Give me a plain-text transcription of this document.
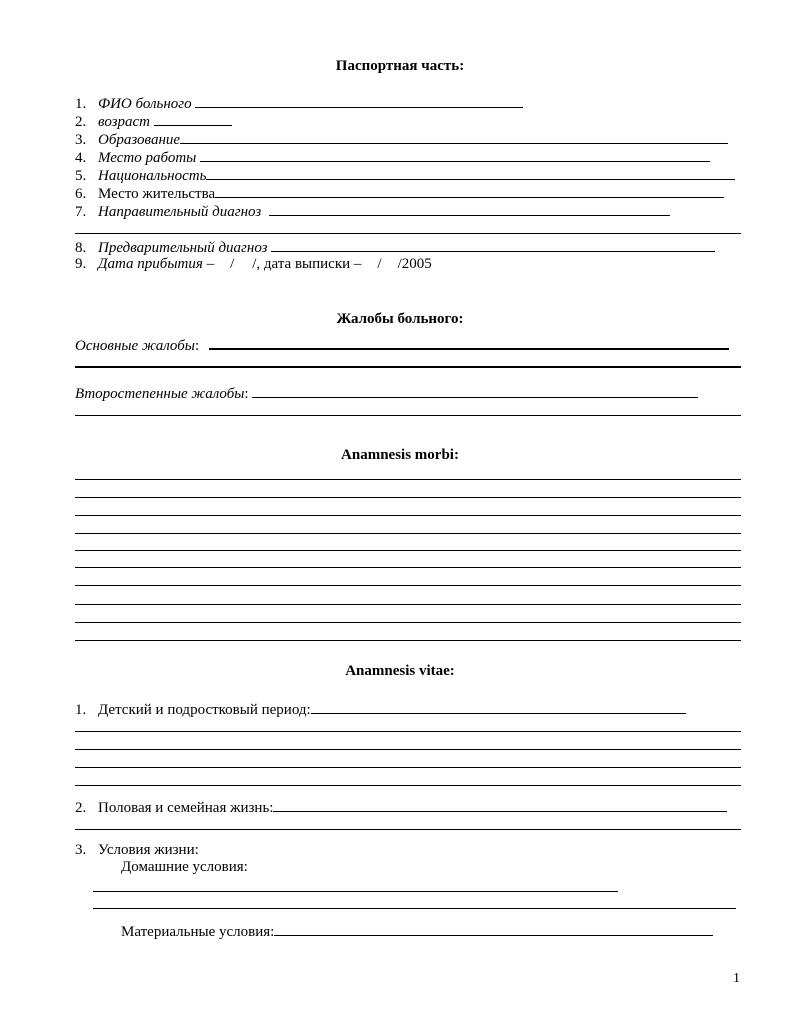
Паспортная часть:
1. ФИО больного
2. возраст
3. Образование
4. Место работы
5. Национальность
6. Место жительства
7. Направительный диагноз
8. Предварительный диагноз
9. Дата прибытия – / /, дата выписки – / /2005
Жалобы больного:
Основные жалобы:
Второстепенные жалобы:
Anamnesis morbi:
Anamnesis vitae:
1. Детский и подростковый период:
2. Половая и семейная жизнь:
3. Условия жизни:
Домашние условия:
Материальные условия:
1
